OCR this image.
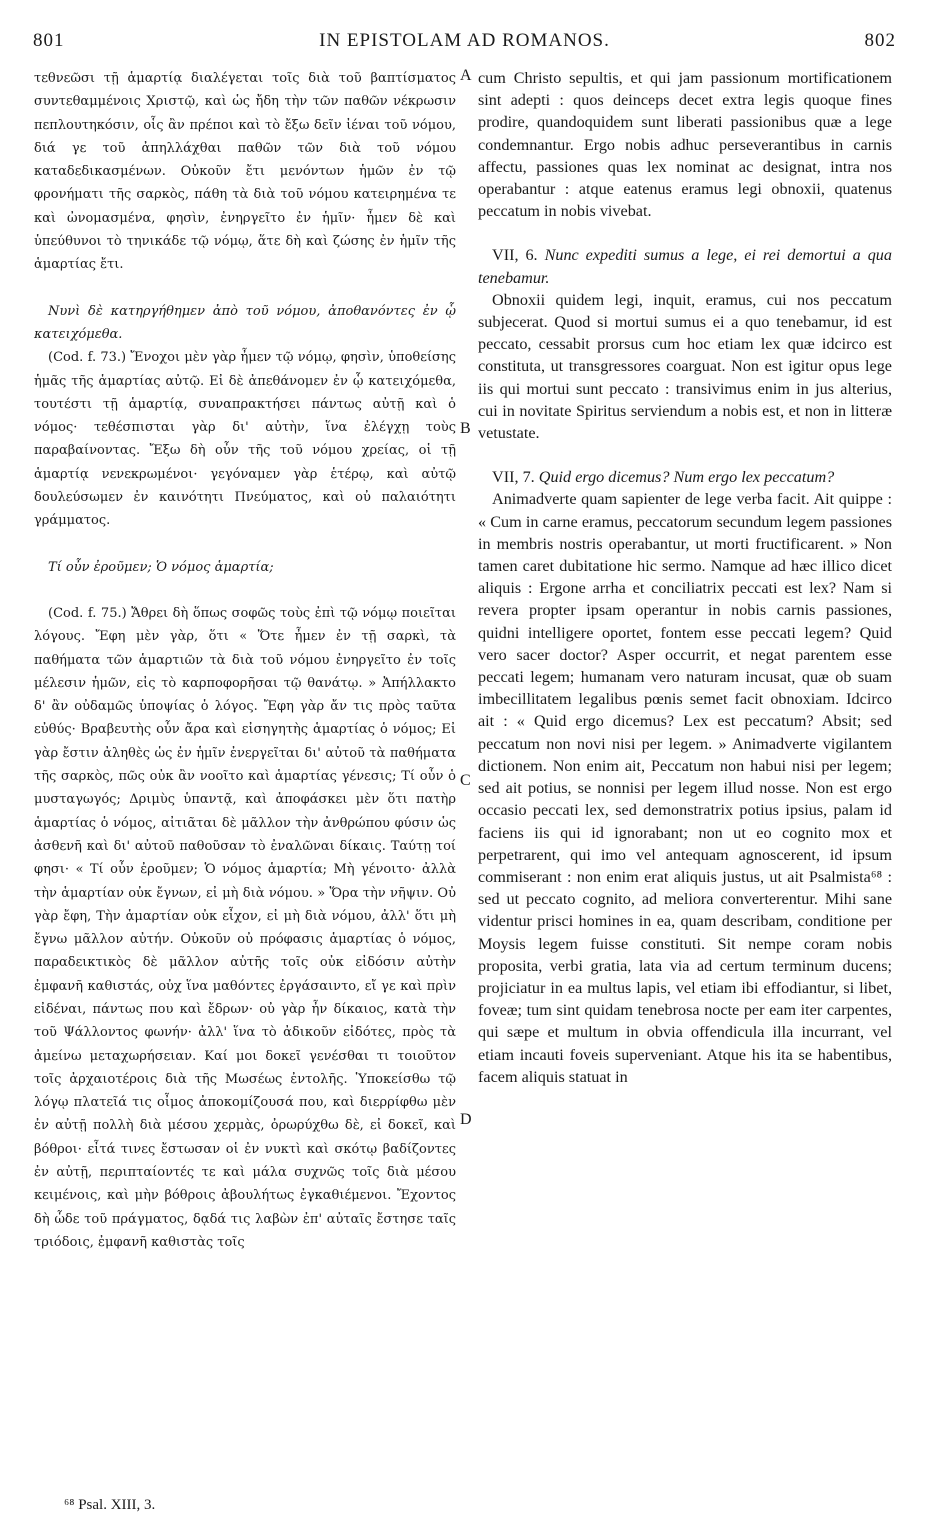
801	IN EPISTOLAM AD ROMANOS.	802

τεθνεῶσι τῇ ἁμαρτίᾳ διαλέγεται τοῖς διὰ τοῦ βαπτίσματος συντεθαμμένοις Χριστῷ, καὶ ὡς ἤδη τὴν τῶν παθῶν νέκρωσιν πεπλουτηκόσιν, οἷς ἂν πρέποι καὶ τὸ ἔξω δεῖν ἰέναι τοῦ νόμου, διά γε τοῦ ἀπηλλάχθαι παθῶν τῶν διὰ τοῦ νόμου καταδεδικασμένων. Οὐκοῦν ἔτι μενόντων ἡμῶν ἐν τῷ φρονήματι τῆς σαρκὸς, πάθη τὰ διὰ τοῦ νόμου κατειρημένα τε καὶ ὠνομασμένα, φησὶν, ἐνηργεῖτο ἐν ἡμῖν· ἦμεν δὲ καὶ ὑπεύθυνοι τὸ τηνικάδε τῷ νόμῳ, ἅτε δὴ καὶ ζώσης ἐν ἡμῖν τῆς ἁμαρτίας ἔτι.

Νυνὶ δὲ κατηργήθημεν ἀπὸ τοῦ νόμου, ἀποθανόντες ἐν ᾧ κατειχόμεθα.

(Cod. f. 73.) Ἔνοχοι μὲν γὰρ ἦμεν τῷ νόμῳ, φησὶν, ὑποθείσης ἡμᾶς τῆς ἁμαρτίας αὐτῷ. Εἰ δὲ ἀπεθάνομεν ἐν ᾧ κατειχόμεθα, τουτέστι τῇ ἁμαρτίᾳ, συναπρακτήσει πάντως αὐτῇ καὶ ὁ νόμος· τεθέσπισται γὰρ δι' αὐτὴν, ἵνα ἐλέγχῃ τοὺς παραβαίνοντας. Ἔξω δὴ οὖν τῆς τοῦ νόμου χρείας, οἱ τῇ ἁμαρτίᾳ νενεκρωμένοι· γεγόναμεν γὰρ ἑτέρῳ, καὶ αὐτῷ δουλεύσωμεν ἐν καινότητι Πνεύματος, καὶ οὐ παλαιότητι γράμματος.

Τί οὖν ἐροῦμεν; Ὁ νόμος ἁμαρτία;

(Cod. f. 75.) Ἄθρει δὴ ὅπως σοφῶς τοὺς ἐπὶ τῷ νόμῳ ποιεῖται λόγους. Ἔφη μὲν γὰρ, ὅτι « Ὅτε ἦμεν ἐν τῇ σαρκὶ, τὰ παθήματα τῶν ἁμαρτιῶν τὰ διὰ τοῦ νόμου ἐνηργεῖτο ἐν τοῖς μέλεσιν ἡμῶν, εἰς τὸ καρποφορῆσαι τῷ θανάτῳ. » Ἀπήλλακτο δ' ἂν οὐδαμῶς ὑποψίας ὁ λόγος. Ἔφη γὰρ ἄν τις πρὸς ταῦτα εὐθύς· Βραβευτὴς οὖν ἄρα καὶ εἰσηγητὴς ἁμαρτίας ὁ νόμος; Εἰ γὰρ ἔστιν ἀληθὲς ὡς ἐν ἡμῖν ἐνεργεῖται δι' αὐτοῦ τὰ παθήματα τῆς σαρκὸς, πῶς οὐκ ἂν νοοῖτο καὶ ἁμαρτίας γένεσις; Τί οὖν ὁ μυσταγωγός; Δριμὺς ὑπαντᾷ, καὶ ἀποφάσκει μὲν ὅτι πατὴρ ἁμαρτίας ὁ νόμος, αἰτιᾶται δὲ μᾶλλον τὴν ἀνθρώπου φύσιν ὡς ἀσθενῆ καὶ δι' αὐτοῦ παθοῦσαν τὸ ἐναλῶναι δίκαις. Ταύτῃ τοί φησι· « Τί οὖν ἐροῦμεν; Ὁ νόμος ἁμαρτία; Μὴ γένοιτο· ἀλλὰ τὴν ἁμαρτίαν οὐκ ἔγνων, εἰ μὴ διὰ νόμου. » Ὅρα τὴν νῆψιν. Οὐ γὰρ ἔφη, Τὴν ἁμαρτίαν οὐκ εἶχον, εἰ μὴ διὰ νόμου, ἀλλ' ὅτι μὴ ἔγνω μᾶλλον αὐτήν. Οὐκοῦν οὐ πρόφασις ἁμαρτίας ὁ νόμος, παραδεικτικὸς δὲ μᾶλλον αὐτῆς τοῖς οὐκ εἰδόσιν αὐτὴν ἐμφανῆ καθιστάς, οὐχ ἵνα μαθόντες ἐργάσαιντο, εἴ γε καὶ πρὶν εἰδέναι, πάντως που καὶ ἔδρων· οὐ γὰρ ἦν δίκαιος, κατὰ τὴν τοῦ Ψάλλοντος φωνήν· ἀλλ' ἵνα τὸ ἀδικοῦν εἰδότες, πρὸς τὰ ἀμείνω μεταχωρήσειαν. Καί μοι δοκεῖ γενέσθαι τι τοιοῦτον τοῖς ἀρχαιοτέροις διὰ τῆς Μωσέως ἐντολῆς. Ὑποκείσθω τῷ λόγῳ πλατεῖά τις οἶμος ἀποκομίζουσά που, καὶ διερρίφθω μὲν ἐν αὐτῇ πολλὴ διὰ μέσου χερμὰς, ὀρωρύχθω δὲ, εἰ δοκεῖ, καὶ βόθροι· εἶτά τινες ἔστωσαν οἱ ἐν νυκτὶ καὶ σκότῳ βαδίζοντες ἐν αὐτῇ, περιπταίοντές τε καὶ μάλα συχνῶς τοῖς διὰ μέσου κειμένοις, καὶ μὴν βόθροις ἀβουλήτως ἐγκαθιέμενοι. Ἔχοντος δὴ ὧδε τοῦ πράγματος, δᾳδά τις λαβὼν ἐπ' αὐταῖς ἔστησε ταῖς τριόδοις, ἐμφανῆ καθιστὰς τοῖς

A
B
C
D

cum Christo sepultis, et qui jam passionum mortificationem sint adepti : quos deinceps decet extra legis quoque fines prodire, quandoquidem sunt liberati passionibus quæ a lege condemnantur. Ergo nobis adhuc perseverantibus in carnis affectu, passiones quas lex nominat ac designat, intra nos operabantur : atque eatenus eramus legi obnoxii, quatenus peccatum in nobis vivebat.

VII, 6. Nunc expediti sumus a lege, ei rei demortui a qua tenebamur.

Obnoxii quidem legi, inquit, eramus, cui nos peccatum subjecerat. Quod si mortui sumus ei a quo tenebamur, id est peccato, cessabit prorsus cum hoc etiam lex quæ idcirco est constituta, ut transgressores coarguat. Non est igitur opus lege iis qui mortui sunt peccato : transivimus enim in jus alterius, cui in novitate Spiritus serviendum a nobis est, et non in litteræ vetustate.

VII, 7. Quid ergo dicemus? Num ergo lex peccatum?

Animadverte quam sapienter de lege verba facit. Ait quippe : « Cum in carne eramus, peccatorum secundum legem passiones in membris nostris operabantur, ut morti fructificarent. » Non tamen caret dubitatione hic sermo. Namque ad hæc illico dicet aliquis : Ergone arrha et conciliatrix peccati est lex? Nam si revera propter ipsam operantur in nobis carnis passiones, quidni intelligere oportet, fontem esse peccati legem? Quid vero sacer doctor? Asper occurrit, et negat parentem esse peccati legem; humanam vero naturam incusat, quæ ob suam imbecillitatem legalibus pœnis semet facit obnoxiam. Idcirco ait : « Quid ergo dicemus? Lex est peccatum? Absit; sed peccatum non novi nisi per legem. » Animadverte vigilantem dictionem. Non enim ait, Peccatum non habui nisi per legem; sed ait potius, se nonnisi per legem illud nosse. Non est ergo occasio peccati lex, sed demonstratrix potius ipsius, palam id faciens iis qui id ignorabant; non ut eo cognito mox et perpetrarent, qui imo vel antequam agnoscerent, id ipsum commiserant : non enim erat aliquis justus, ut ait Psalmista⁶⁸ : sed ut peccato cognito, ad meliora converterentur. Mihi sane videntur prisci homines in ea, quam describam, conditione per Moysis legem fuisse constituti. Sit nempe coram nobis proposita, verbi gratia, lata via ad certum terminum ducens; projiciatur in ea multus lapis, vel etiam ibi effodiantur, si libet, foveæ; tum sint quidam tenebrosa nocte per eam iter carpentes, qui sæpe et multum in obvia offendicula illa incurrant, vel etiam incauti foveis superveniant. Atque his ita se habentibus, facem aliquis statuat in

⁶⁸ Psal. XIII, 3.
